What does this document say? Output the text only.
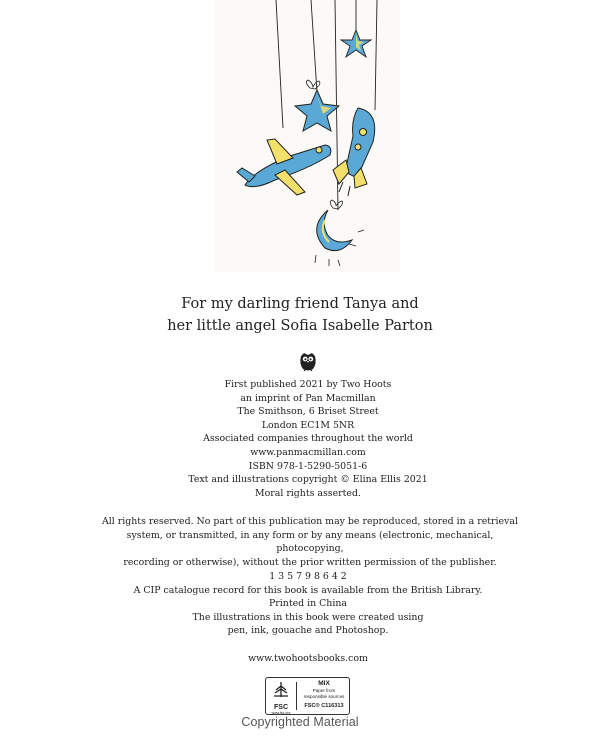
For my darling friend Tanya and
her little angel Sofia Isabelle Parton
First published 2021 by Two Hoots
an imprint of Pan Macmillan
The Smithson, 6 Briset Street
London EC1M 5NR
Associated companies throughout the world
www.panmacmillan.com
ISBN 978-1-5290-5051-6
Text and illustrations copyright © Elina Ellis 2021
Moral rights asserted.
All rights reserved. No part of this publication may be reproduced, stored in a retrieval
system, or transmitted, in any form or by any means (electronic, mechanical, photocopying,
recording or otherwise), without the prior written permission of the publisher.
1 3 5 7 9 8 6 4 2
A CIP catalogue record for this book is available from the British Library.
Printed in China
The illustrations in this book were created using
pen, ink, gouache and Photoshop.
www.twohootsbooks.com
FSC
www.fsc.org
MIX
Paper from
responsible sources
FSC® C116313
Copyrighted Material
